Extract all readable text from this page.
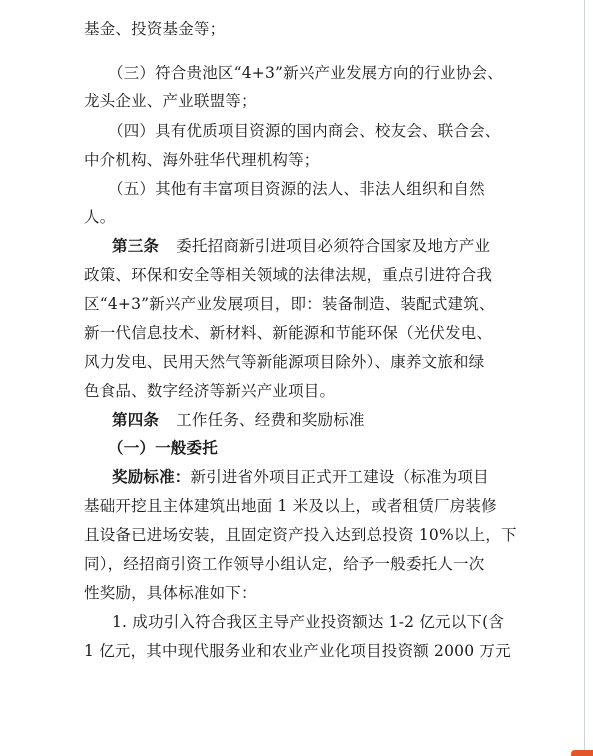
基金、投资基金等；
（三）符合贵池区“4+3”新兴产业发展方向的行业协会、
龙头企业、产业联盟等；
（四）具有优质项目资源的国内商会、校友会、联合会、
中介机构、海外驻华代理机构等；
（五）其他有丰富项目资源的法人、非法人组织和自然
人。
第三条 委托招商新引进项目必须符合国家及地方产业
政策、环保和安全等相关领域的法律法规，重点引进符合我
区“4+3”新兴产业发展项目，即：装备制造、装配式建筑、
新一代信息技术、新材料、新能源和节能环保（光伏发电、
风力发电、民用天然气等新能源项目除外）、康养文旅和绿
色食品、数字经济等新兴产业项目。
第四条 工作任务、经费和奖励标准
（一）一般委托
奖励标准：新引进省外项目正式开工建设（标准为项目
基础开挖且主体建筑出地面 1 米及以上，或者租赁厂房装修
且设备已进场安装，且固定资产投入达到总投资 10%以上，下
同），经招商引资工作领导小组认定，给予一般委托人一次
性奖励，具体标准如下：
1. 成功引入符合我区主导产业投资额达 1-2 亿元以下(含
1 亿元，其中现代服务业和农业产业化项目投资额 2000 万元
